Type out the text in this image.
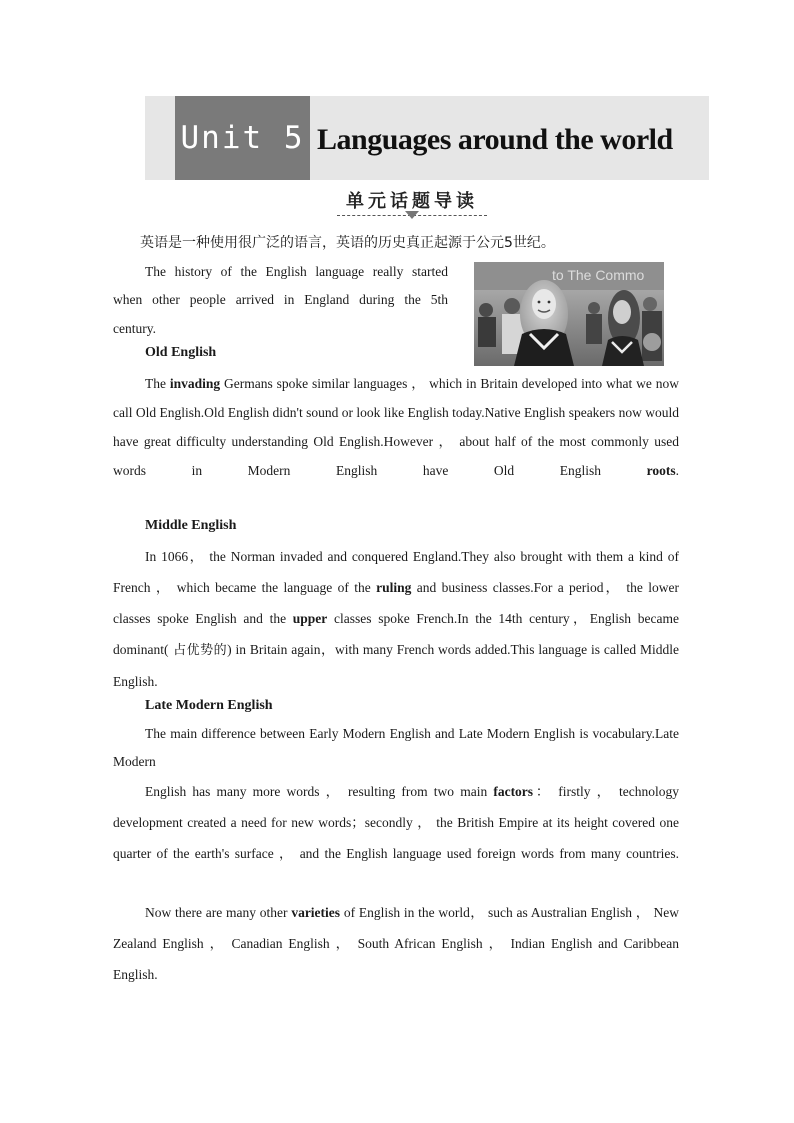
Unit 5 Languages around the world
单元话题导读
英语是一种使用很广泛的语言，英语的历史真正起源于公元5世纪。
to The Commo
The history of the English language really started
when other people arrived in England during the 5th
century.

Old English

The invading Germans spoke similar languages ， which in Britain developed into what we now call Old English.Old English didn't sound or look like English today.Native English speakers now would have great difficulty understanding Old English.However ， about half of the most commonly used words in Modern English have Old English roots.

Middle English

In 1066， the Norman invaded and conquered England.They also brought with them a kind of French ， which became the language of the ruling and business classes.For a period， the lower classes spoke English and the upper classes spoke French.In the 14th century，English became dominant( 占优势的) in Britain again，with many French words added.This language is called Middle English.

Late Modern English

The main difference between Early Modern English and Late Modern English is vocabulary.Late Modern

English has many more words ， resulting from two main factors： firstly ， technology development created a need for new words；secondly ， the British Empire at its height covered one quarter of the earth's surface ， and the English language used foreign words from many countries.

Now there are many other varieties of English in the world， such as Australian English ， New Zealand English ， Canadian English ， South African English ， Indian English and Caribbean English.
